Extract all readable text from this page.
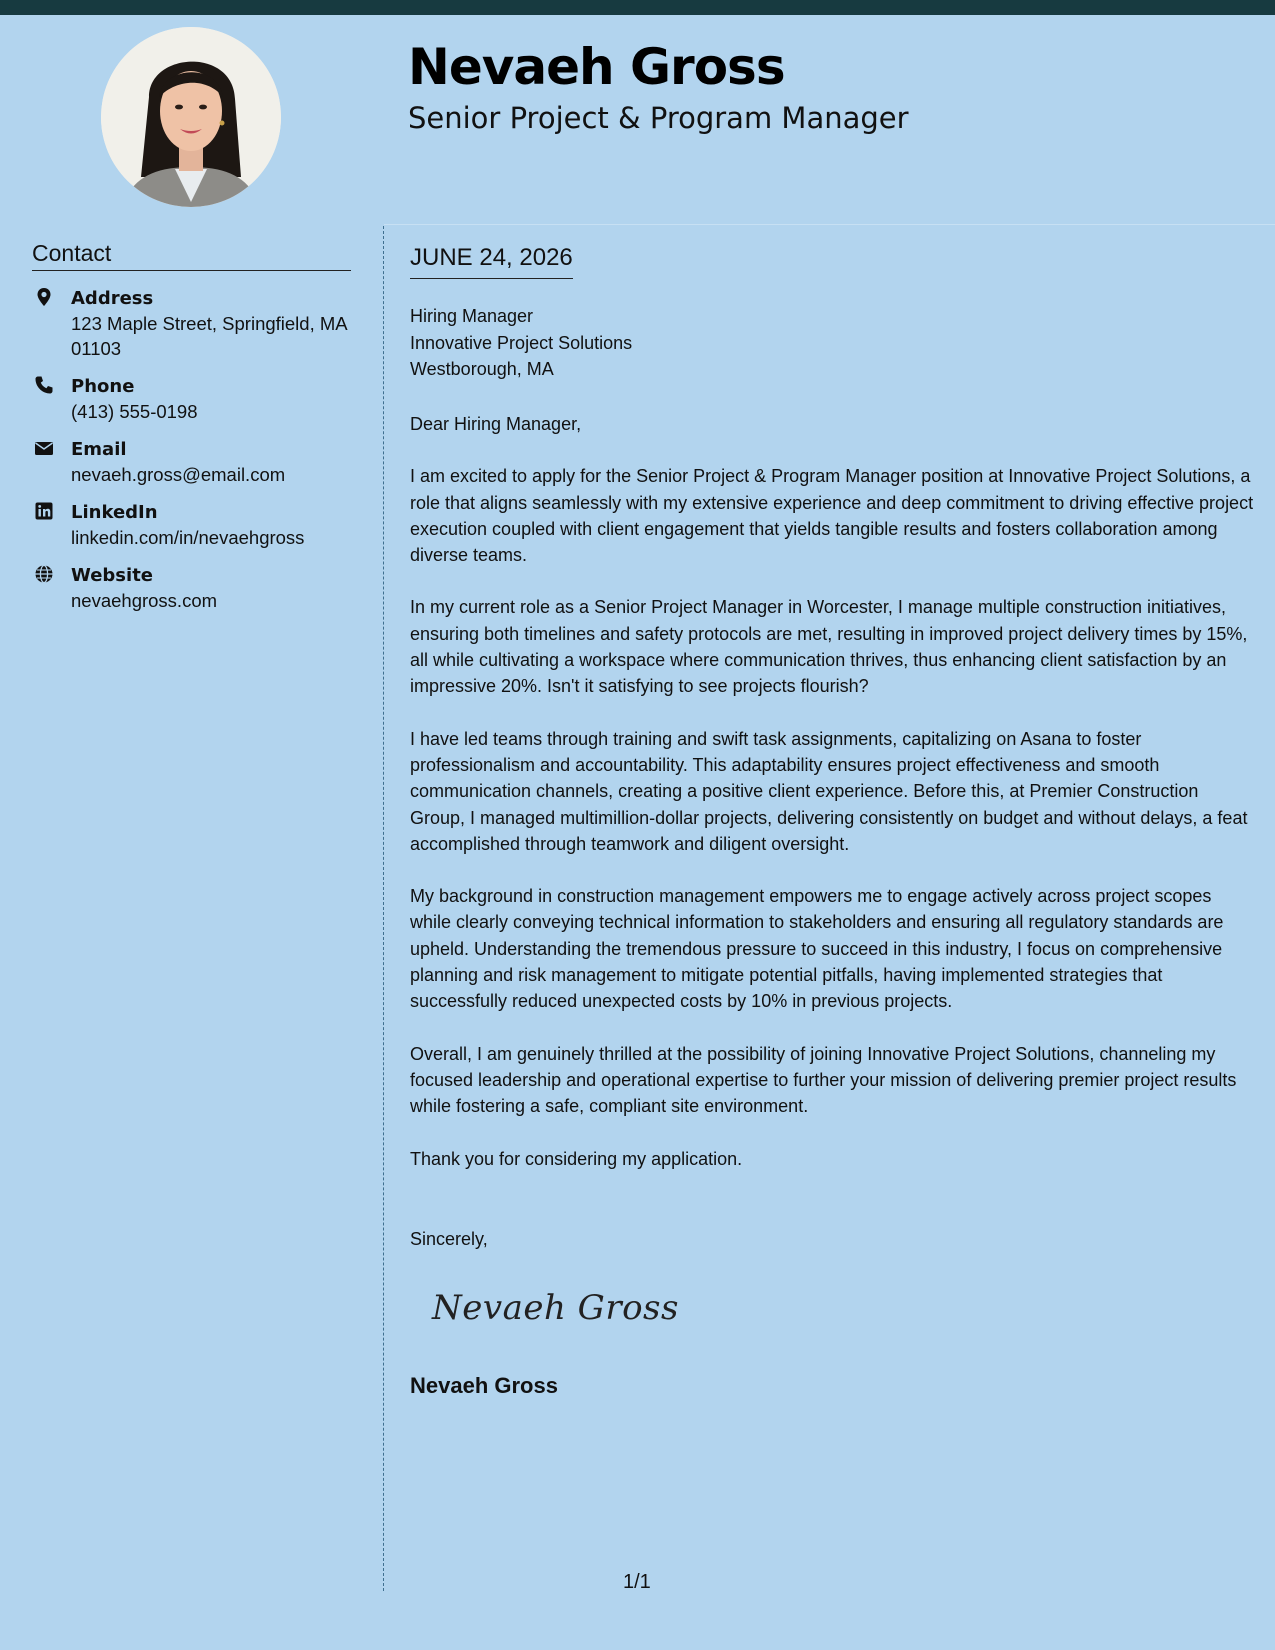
Nevaeh Gross
Senior Project & Program Manager
Contact
Address
123 Maple Street, Springfield, MA
01103
Phone
(413) 555-0198
Email
nevaeh.gross@email.com
LinkedIn
linkedin.com/in/nevaehgross
Website
nevaehgross.com
JUNE 24, 2026
Hiring Manager
Innovative Project Solutions
Westborough, MA

Dear Hiring Manager,

I am excited to apply for the Senior Project & Program Manager position at Innovative Project Solutions, a role that aligns seamlessly with my extensive experience and deep commitment to driving effective project execution coupled with client engagement that yields tangible results and fosters collaboration among diverse teams.

In my current role as a Senior Project Manager in Worcester, I manage multiple construction initiatives, ensuring both timelines and safety protocols are met, resulting in improved project delivery times by 15%, all while cultivating a workspace where communication thrives, thus enhancing client satisfaction by an impressive 20%. Isn't it satisfying to see projects flourish?

I have led teams through training and swift task assignments, capitalizing on Asana to foster professionalism and accountability. This adaptability ensures project effectiveness and smooth communication channels, creating a positive client experience. Before this, at Premier Construction Group, I managed multimillion-dollar projects, delivering consistently on budget and without delays, a feat accomplished through teamwork and diligent oversight.

My background in construction management empowers me to engage actively across project scopes while clearly conveying technical information to stakeholders and ensuring all regulatory standards are upheld. Understanding the tremendous pressure to succeed in this industry, I focus on comprehensive planning and risk management to mitigate potential pitfalls, having implemented strategies that successfully reduced unexpected costs by 10% in previous projects.

Overall, I am genuinely thrilled at the possibility of joining Innovative Project Solutions, channeling my focused leadership and operational expertise to further your mission of delivering premier project results while fostering a safe, compliant site environment.

Thank you for considering my application.

Sincerely,

Nevaeh Gross

Nevaeh Gross

1/1
